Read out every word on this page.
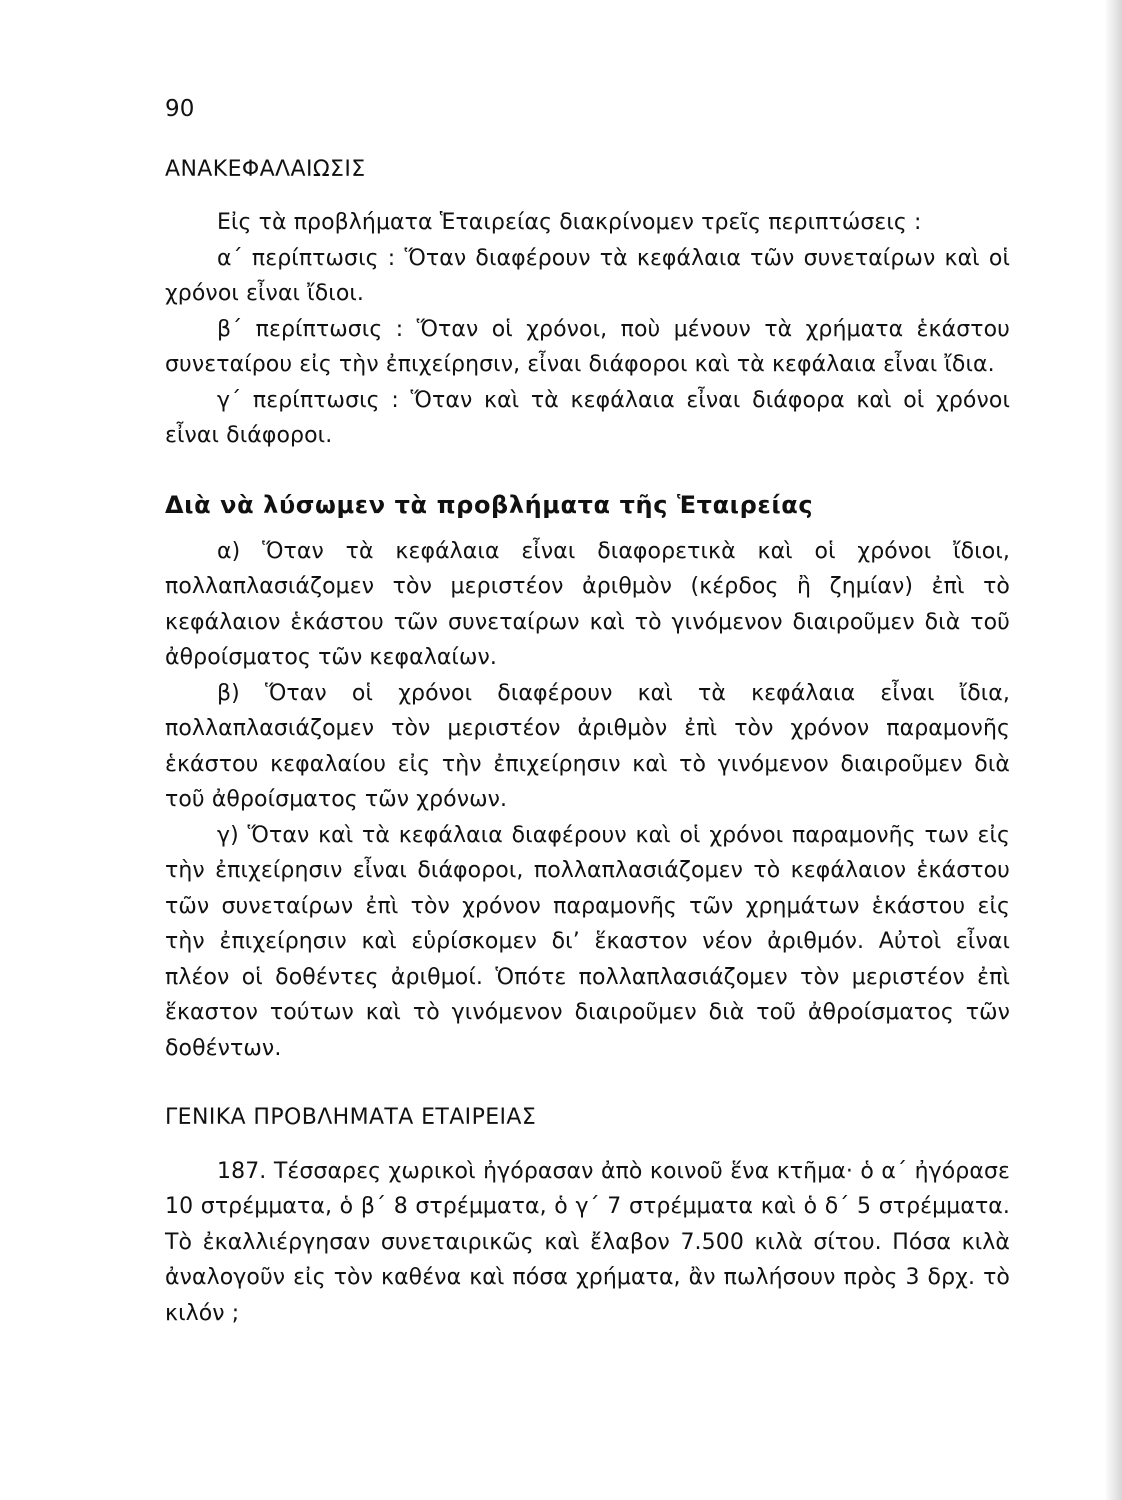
90
ΑΝΑΚΕΦΑΛΑΙΩΣΙΣ

Εἰς τὰ προβλήματα Ἑταιρείας διακρίνομεν τρεῖς περιπτώσεις :

α΄ περίπτωσις : Ὅταν διαφέρουν τὰ κεφάλαια τῶν συνεταίρων καὶ οἱ χρόνοι εἶναι ἴδιοι.

β΄ περίπτωσις : Ὅταν οἱ χρόνοι, ποὺ μένουν τὰ χρήματα ἑκάστου συνεταίρου εἰς τὴν ἐπιχείρησιν, εἶναι διάφοροι καὶ τὰ κεφάλαια εἶναι ἴδια.

γ΄ περίπτωσις : Ὅταν καὶ τὰ κεφάλαια εἶναι διάφορα καὶ οἱ χρόνοι εἶναι διάφοροι.

Διὰ νὰ λύσωμεν τὰ προβλήματα τῆς Ἑταιρείας

α) Ὅταν τὰ κεφάλαια εἶναι διαφορετικὰ καὶ οἱ χρόνοι ἴδιοι, πολλαπλασιάζομεν τὸν μεριστέον ἀριθμὸν (κέρδος ἢ ζημίαν) ἐπὶ τὸ κεφάλαιον ἑκάστου τῶν συνεταίρων καὶ τὸ γινόμενον διαιροῦμεν διὰ τοῦ ἀθροίσματος τῶν κεφαλαίων.

β) Ὅταν οἱ χρόνοι διαφέρουν καὶ τὰ κεφάλαια εἶναι ἴδια, πολλαπλασιάζομεν τὸν μεριστέον ἀριθμὸν ἐπὶ τὸν χρόνον παραμονῆς ἑκάστου κεφαλαίου εἰς τὴν ἐπιχείρησιν καὶ τὸ γινόμενον διαιροῦμεν διὰ τοῦ ἀθροίσματος τῶν χρόνων.

γ) Ὅταν καὶ τὰ κεφάλαια διαφέρουν καὶ οἱ χρόνοι παραμονῆς των εἰς τὴν ἐπιχείρησιν εἶναι διάφοροι, πολλαπλασιάζομεν τὸ κεφάλαιον ἑκάστου τῶν συνεταίρων ἐπὶ τὸν χρόνον παραμονῆς τῶν χρημάτων ἑκάστου εἰς τὴν ἐπιχείρησιν καὶ εὑρίσκομεν δι’ ἕκαστον νέον ἀριθμόν. Αὐτοὶ εἶναι πλέον οἱ δοθέντες ἀριθμοί. Ὁπότε πολλαπλασιάζομεν τὸν μεριστέον ἐπὶ ἕκαστον τούτων καὶ τὸ γινόμενον διαιροῦμεν διὰ τοῦ ἀθροίσματος τῶν δοθέντων.

ΓΕΝΙΚΑ ΠΡΟΒΛΗΜΑΤΑ ΕΤΑΙΡΕΙΑΣ

187. Τέσσαρες χωρικοὶ ἠγόρασαν ἀπὸ κοινοῦ ἕνα κτῆμα· ὁ α΄ ἠγόρασε 10 στρέμματα, ὁ β΄ 8 στρέμματα, ὁ γ΄ 7 στρέμματα καὶ ὁ δ΄ 5 στρέμματα. Τὸ ἐκαλλιέργησαν συνεταιρικῶς καὶ ἔλαβον 7.500 κιλὰ σίτου. Πόσα κιλὰ ἀναλογοῦν εἰς τὸν καθένα καὶ πόσα χρήματα, ἂν πωλήσουν πρὸς 3 δρχ. τὸ κιλόν ;
